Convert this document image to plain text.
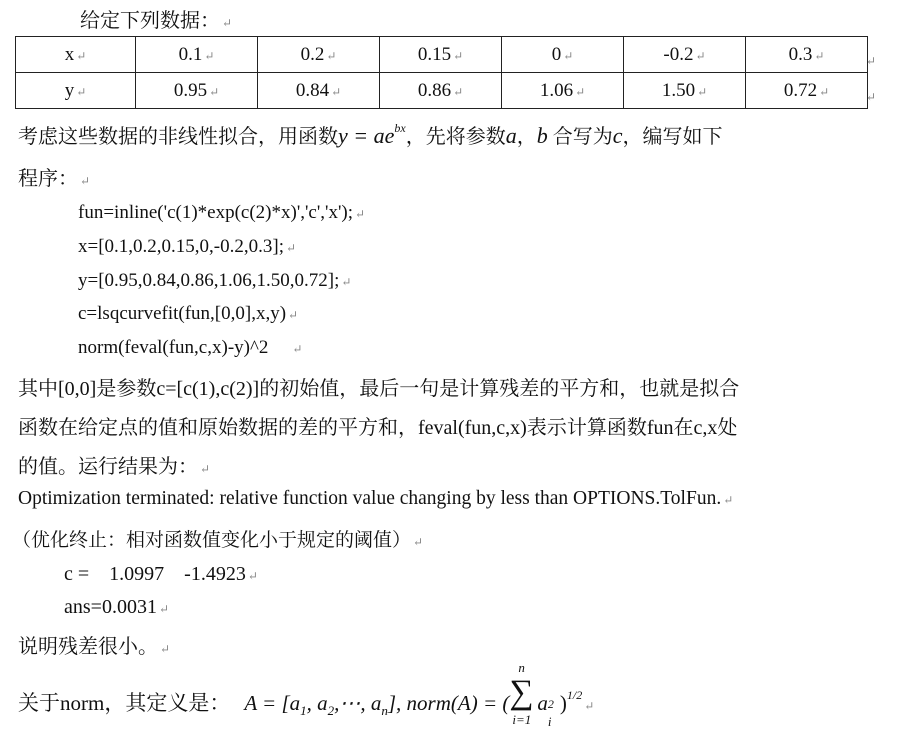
给定下列数据： ↵
x ↵	0.1 ↵	0.2 ↵	0.15 ↵	0 ↵	-0.2 ↵	0.3 ↵
y ↵	0.95 ↵	0.84 ↵	0.86 ↵	1.06 ↵	1.50 ↵	0.72 ↵
↵
↵
考虑这些数据的非线性拟合，用函数$y = ae^{bx}$，先将参数a，b 合写为c，编写如下
程序： ↵
fun=inline('c(1)*exp(c(2)*x)','c','x'); ↵
x=[0.1,0.2,0.15,0,-0.2,0.3]; ↵
y=[0.95,0.84,0.86,1.06,1.50,0.72]; ↵
c=lsqcurvefit(fun,[0,0],x,y) ↵
norm(feval(fun,c,x)-y)^2 ↵
其中[0,0]是参数c=[c(1),c(2)]的初始值，最后一句是计算残差的平方和，也就是拟合
函数在给定点的值和原始数据的差的平方和，feval(fun,c,x)表示计算函数fun在c,x处
的值。运行结果为： ↵
Optimization terminated: relative function value changing by less than OPTIONS.TolFun. ↵
（优化终止：相对函数值变化小于规定的阈值） ↵
c =    1.0997    -1.4923 ↵
ans=0.0031 ↵
说明残差很小。 ↵
关于norm，其定义是： $A = [a_1$, $a_2,\cdots$, $a_n$], norm(A) = (
n
∑
i=1
a 2
i
)$^{1/2}$↵
